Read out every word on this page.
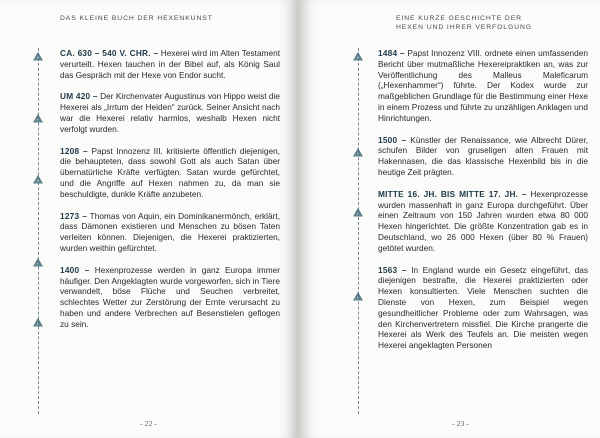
DAS KLEINE BUCH DER HEXENKUNST

CA. 630 – 540 V. CHR. – Hexerei wird im Alten Testament verurteilt. Hexen tauchen in der Bibel auf, als König Saul das Gespräch mit der Hexe von Endor sucht.

UM 420 – Der Kirchenvater Augustinus von Hippo weist die Hexerei als „Irrtum der Heiden“ zurück. Seiner Ansicht nach war die Hexerei relativ harmlos, weshalb Hexen nicht verfolgt wurden.

1208 – Papst Innozenz III. kritisierte öffentlich diejenigen, die behaupteten, dass sowohl Gott als auch Satan über übernatürliche Kräfte verfügten. Satan wurde gefürchtet, und die Angriffe auf Hexen nahmen zu, da man sie beschuldigte, dunkle Kräfte anzubeten.

1273 – Thomas von Aquin, ein Dominikanermönch, erklärt, dass Dämonen existieren und Menschen zu bösen Taten verleiten können. Diejenigen, die Hexerei praktizierten, wurden weithin gefürchtet.

1400 – Hexenprozesse werden in ganz Europa immer häufiger. Den Angeklagten wurde vorgeworfen, sich in Tiere verwandelt, böse Flüche und Seuchen verbreitet, schlechtes Wetter zur Zerstörung der Ernte verursacht zu haben und andere Verbrechen auf Besenstielen geflogen zu sein.

- 22 -

EINE KURZE GESCHICHTE DER HEXEN UND IHRER VERFOLGUNG

1484 – Papst Innozenz VIII. ordnete einen umfassenden Bericht über mutmaßliche Hexereipraktiken an, was zur Veröffentlichung des Malleus Maleficarum („Hexenhammer“) führte. Der Kodex wurde zur maßgeblichen Grundlage für die Bestimmung einer Hexe in einem Prozess und führte zu unzähligen Anklagen und Hinrichtungen.

1500 – Künstler der Renaissance, wie Albrecht Dürer, schufen Bilder von gruseligen alten Frauen mit Hakennasen, die das klassische Hexenbild bis in die heutige Zeit prägten.

MITTE 16. JH. BIS MITTE 17. JH. – Hexenprozesse wurden massenhaft in ganz Europa durchgeführt. Über einen Zeitraum von 150 Jahren wurden etwa 80 000 Hexen hingerichtet. Die größte Konzentration gab es in Deutschland, wo 26 000 Hexen (über 80 % Frauen) getötet wurden.

1563 – In England wurde ein Gesetz eingeführt, das diejenigen bestrafte, die Hexerei praktizierten oder Hexen konsultierten. Viele Menschen suchten die Dienste von Hexen, zum Beispiel wegen gesundheitlicher Probleme oder zum Wahrsagen, was den Kirchenvertretern missfiel. Die Kirche prangerte die Hexerei als Werk des Teufels an. Die meisten wegen Hexerei angeklagten Personen

- 23 -
